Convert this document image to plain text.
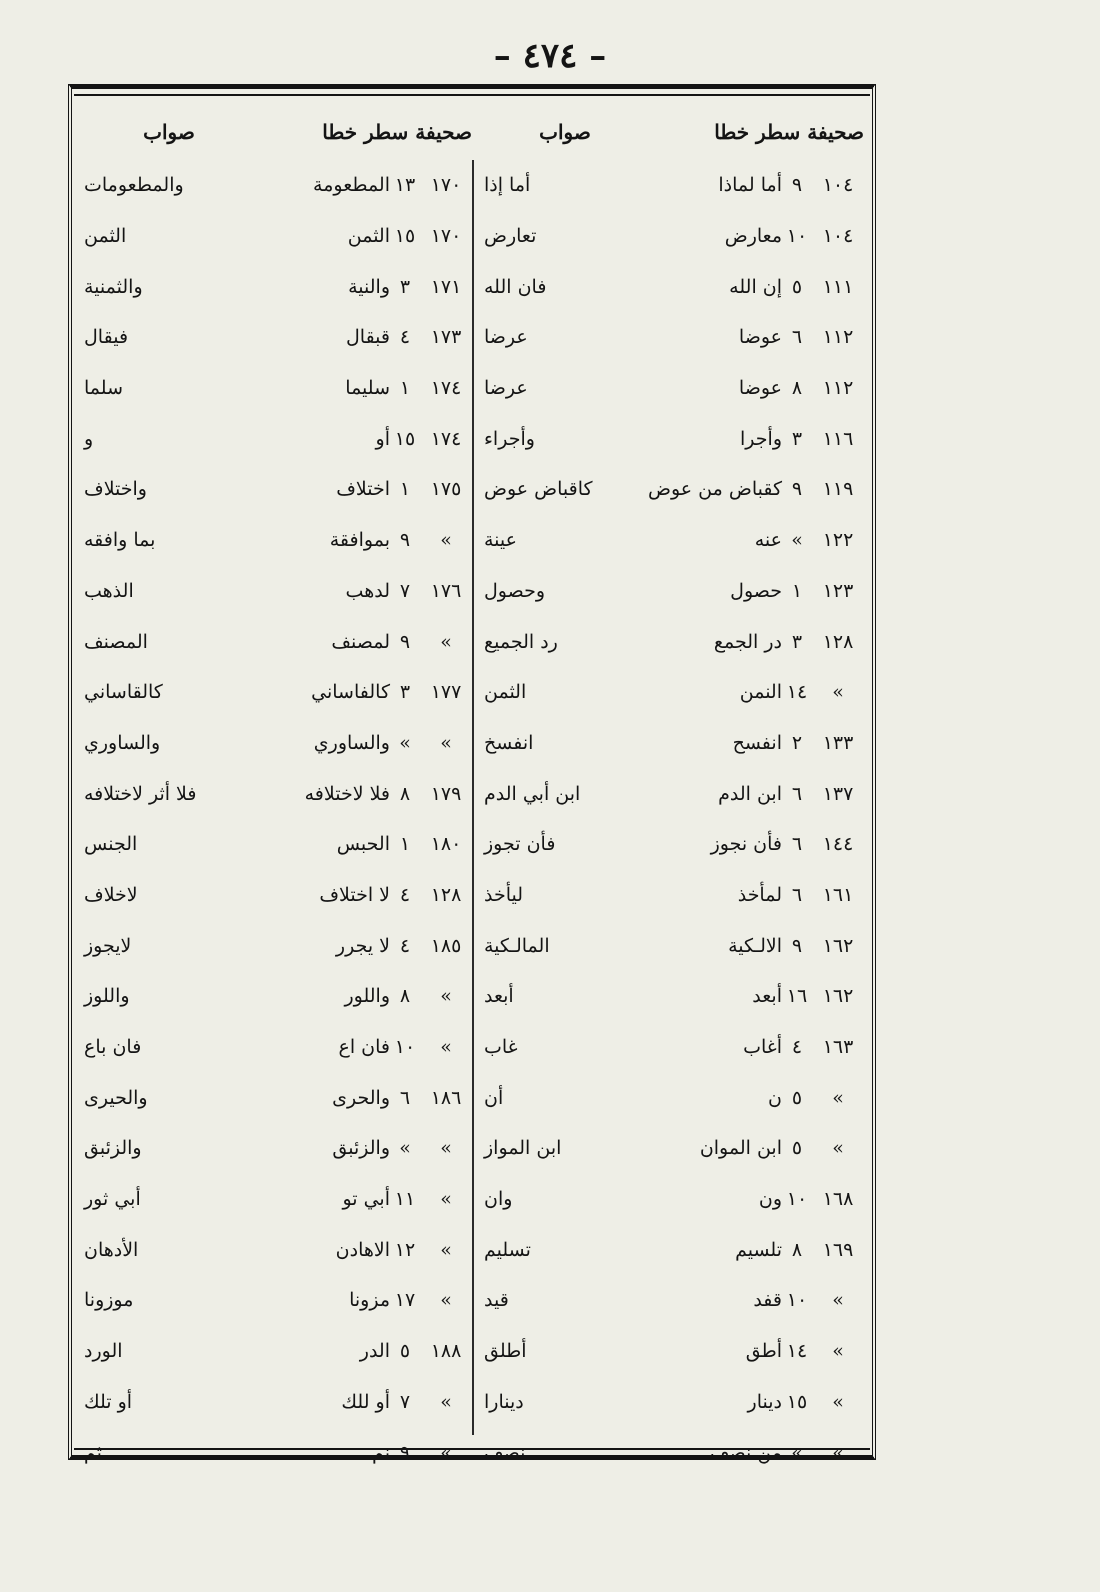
– ٤٧٤ –
صحيفة سطر خطا
صواب
صحيفة سطر خطا
صواب
١٠٤
٩
أما لماذا
أما إذا
١٠٤
١٠
معارض
تعارض
١١١
٥
إن الله
فان الله
١١٢
٦
عوضا
عرضا
١١٢
٨
عوضا
عرضا
١١٦
٣
وأجرا
وأجراء
١١٩
٩
كقباض من عوض
كاقباض عوض
١٢٢
»
عنه
عينة
١٢٣
١
حصول
وحصول
١٢٨
٣
در الجمع
رد الجميع
»
١٤
النمن
الثمن
١٣٣
٢
انفسح
انفسخ
١٣٧
٦
ابن الدم
ابن أبي الدم
١٤٤
٦
فأن نجوز
فأن تجوز
١٦١
٦
لمأخذ
ليأخذ
١٦٢
٩
الالـكية
المالـكية
١٦٢
١٦
أبعد
أبعد
١٦٣
٤
أغاب
غاب
»
٥
ن
أن
»
٥
ابن الموان
ابن المواز
١٦٨
١٠
ون
وان
١٦٩
٨
تلسيم
تسليم
»
١٠
قفد
قيد
»
١٤
أطق
أطلق
»
١٥
دينار
دينارا
»
»
من نصف
نصف
١٧٠
١٣
المطعومة
والمطعومات
١٧٠
١٥
الثمن
الثمن
١٧١
٣
والنية
والثمنية
١٧٣
٤
قبقال
فيقال
١٧٤
١
سليما
سلما
١٧٤
١٥
أو
و
١٧٥
١
اختلاف
واختلاف
»
٩
بموافقة
بما وافقه
١٧٦
٧
لدهب
الذهب
»
٩
لمصنف
المصنف
١٧٧
٣
كالفاساني
كالقاساني
»
»
والساوري
والساوري
١٧٩
٨
فلا لاختلافه
فلا أثر لاختلافه
١٨٠
١
الحبس
الجنس
١٢٨
٤
لا اختلاف
لاخلاف
١٨٥
٤
لا يجرر
لايجوز
»
٨
واللور
واللوز
»
١٠
فان اع
فان باع
١٨٦
٦
والحرى
والحيرى
»
»
والزئبق
والزئبق
»
١١
أبي تو
أبي ثور
»
١٢
الاهادن
الأدهان
»
١٧
مزونا
موزونا
١٨٨
٥
الدر
الورد
»
٧
أو للك
أو تلك
»
٩
نم
ثم
